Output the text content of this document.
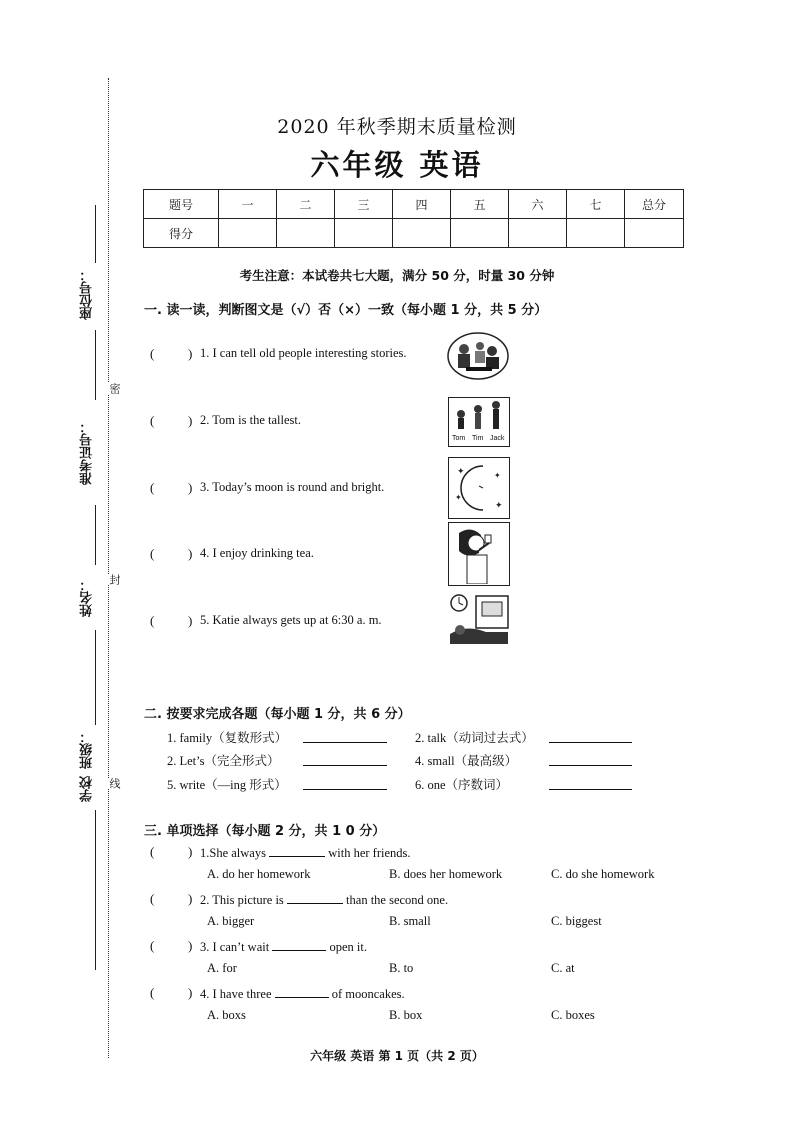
座位号：
准考证号：
姓名：
班级：
学校
密
封
线
2020 年秋季期末质量检测
六年级 英语
题号	一	二	三	四	五	六	七	总分
得分								
考生注意：本试卷共七大题，满分 50 分，时量 30 分钟
一. 读一读，判断图文是（√）否（×）一致（每小题 1 分，共 5 分）
(	) 1. I can tell old people interesting stories.
(	) 2. Tom is the tallest.
(	) 3. Today’s moon is round and bright.
(	) 4. I enjoy drinking tea.
(	) 5. Katie always gets up at 6:30 a. m.
Tom Tim Jack
✦	✦
✦
✦
二. 按要求完成各题（每小题 1 分，共 6 分）
1. family（复数形式）	2. talk（动词过去式）
2. Let’s（完全形式）	4. small（最高级）
5. write（—ing 形式）	6. one（序数词）
三. 单项选择（每小题 2 分，共 1 0 分）
(	) 1.She always	with her friends.
A. do her homework	B. does her homework	C. do she homework
(	) 2. This picture is	than the second one.
A. bigger	B. small	C. biggest
(	) 3. I can’t wait	open it.
A. for	B. to	C. at
(	) 4. I have three	of mooncakes.
A. boxs	B. box	C. boxes
六年级 英语 第 1 页（共 2 页）
